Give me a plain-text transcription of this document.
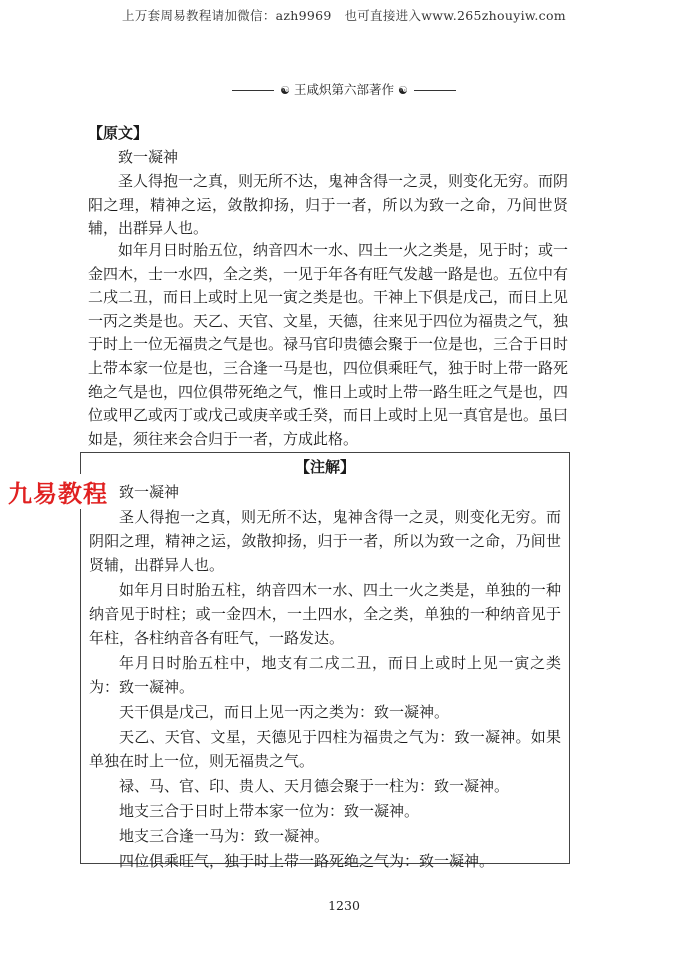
上万套周易教程请加微信：azh9969　也可直接进入www.265zhouyiw.com
☯ 王咸炽第六部著作 ☯
【原文】
致一凝神

圣人得抱一之真，则无所不达，鬼神含得一之灵，则变化无穷。而阴阳之理，精神之运，敛散抑扬，归于一者，所以为致一之命，乃间世贤辅，出群异人也。

如年月日时胎五位，纳音四木一水、四土一火之类是，见于时；或一金四木，士一水四，全之类，一见于年各有旺气发越一路是也。五位中有二戌二丑，而日上或时上见一寅之类是也。干神上下俱是戊己，而日上见一丙之类是也。天乙、天官、文星，天德，往来见于四位为福贵之气，独于时上一位无福贵之气是也。禄马官印贵德会聚于一位是也，三合于日时上带本家一位是也，三合逢一马是也，四位俱乘旺气，独于时上带一路死绝之气是也，四位俱带死绝之气，惟日上或时上带一路生旺之气是也，四位或甲乙或丙丁或戊己或庚辛或壬癸，而日上或时上见一真官是也。虽曰如是，须往来会合归于一者，方成此格。

【注解】

致一凝神

圣人得抱一之真，则无所不达，鬼神含得一之灵，则变化无穷。而阴阳之理，精神之运，敛散抑扬，归于一者，所以为致一之命，乃间世贤辅，出群异人也。

如年月日时胎五柱，纳音四木一水、四土一火之类是，单独的一种纳音见于时柱；或一金四木，一土四水，全之类，单独的一种纳音见于年柱，各柱纳音各有旺气，一路发达。

年月日时胎五柱中，地支有二戌二丑，而日上或时上见一寅之类为：致一凝神。

天干俱是戊己，而日上见一丙之类为：致一凝神。

天乙、天官、文星，天德见于四柱为福贵之气为：致一凝神。如果单独在时上一位，则无福贵之气。

禄、马、官、印、贵人、天月德会聚于一柱为：致一凝神。

地支三合于日时上带本家一位为：致一凝神。

地支三合逢一马为：致一凝神。

四位俱乘旺气，独于时上带一路死绝之气为：致一凝神。

九易教程
1230
